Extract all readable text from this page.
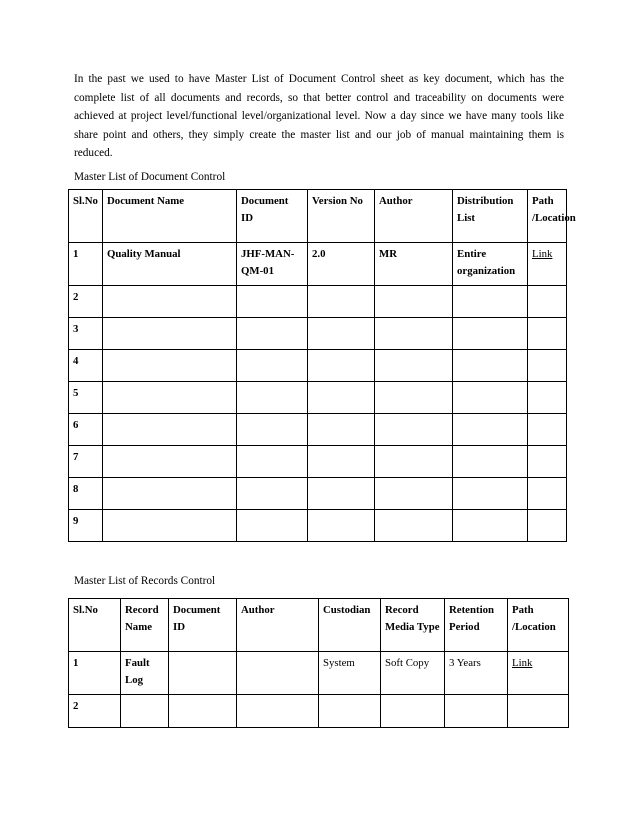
In the past we used to have Master List of Document Control sheet as key document, which has the complete list of all documents and records, so that better control and traceability on documents were achieved at project level/functional level/organizational level. Now a day since we have many tools like share point and others, they simply create the master list and our job of manual maintaining them is reduced.

Master List of Document Control

Sl.No	Document Name	Document ID	Version No	Author	Distribution List	Path /Location
1	Quality Manual	JHF-MAN-QM-01	2.0	MR	Entire organization	Link
2						
3						
4						
5						
6						
7						
8						
9						

Master List of Records Control

Sl.No	Record Name	Document ID	Author	Custodian	Record Media Type	Retention Period	Path /Location
1	Fault Log			System	Soft Copy	3 Years	Link
2							
